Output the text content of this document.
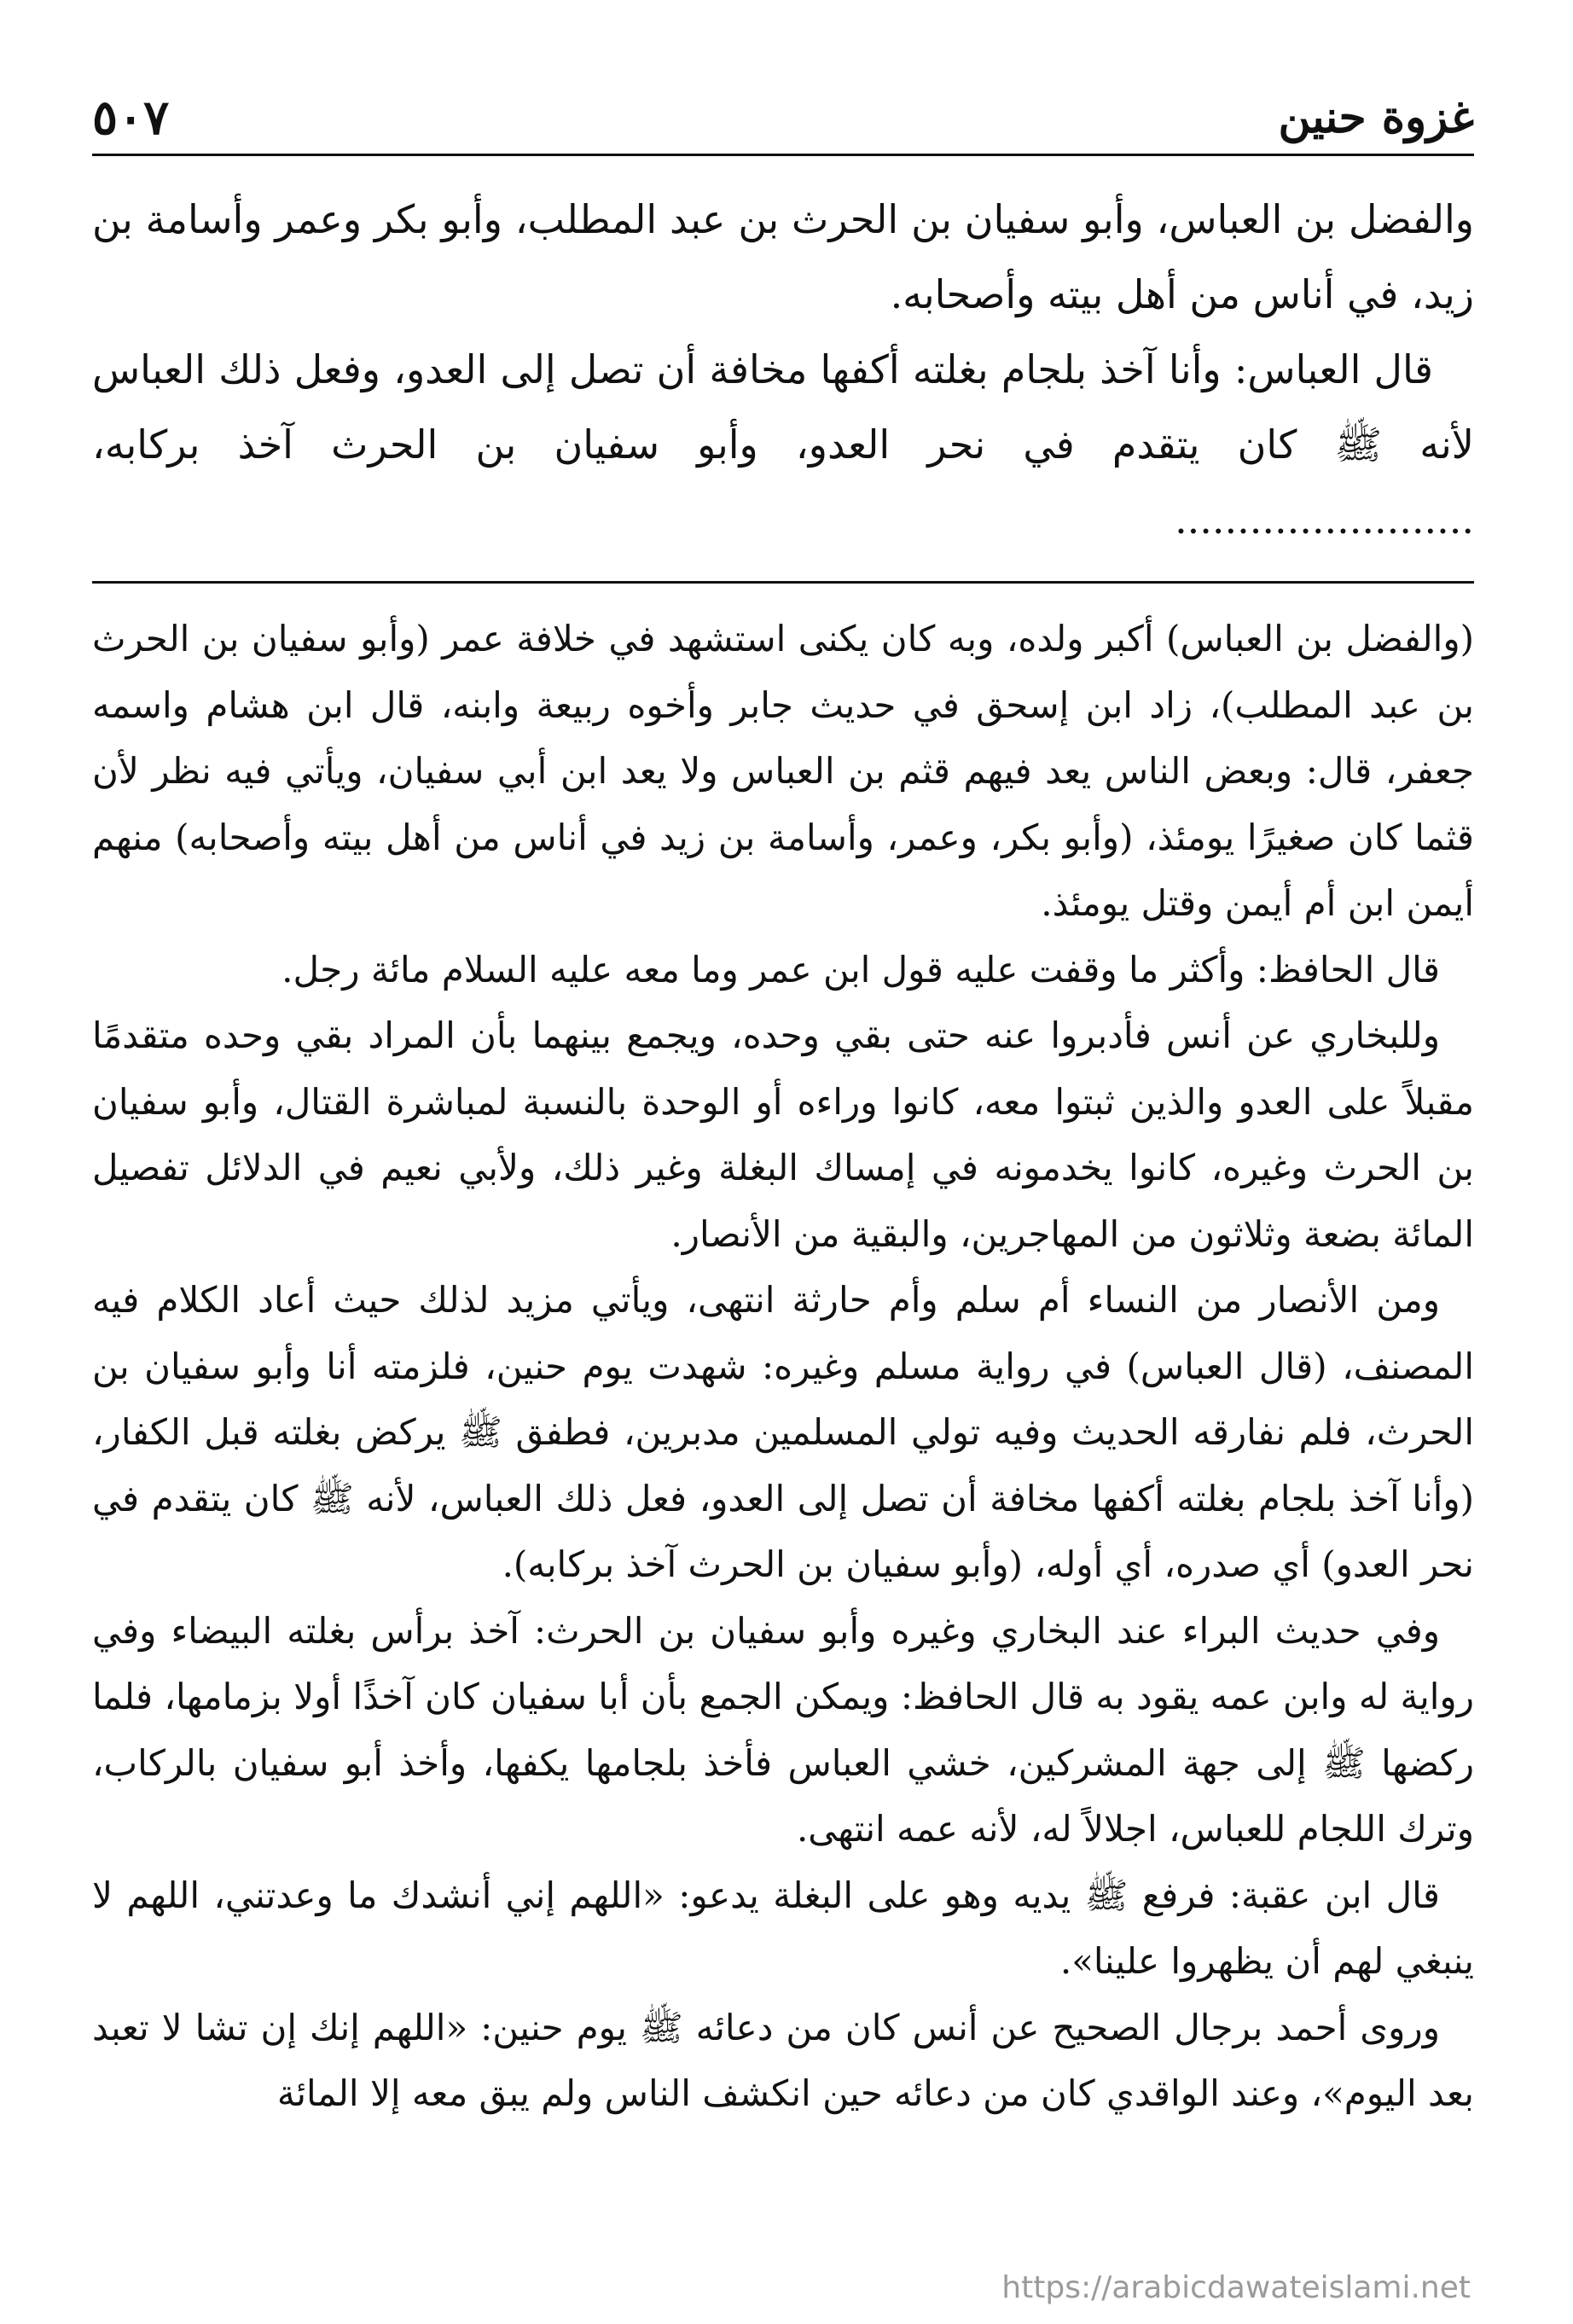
غزوة حنين
٥٠٧

والفضل بن العباس، وأبو سفيان بن الحرث بن عبد المطلب، وأبو بكر وعمر وأسامة بن زيد، في أناس من أهل بيته وأصحابه.

قال العباس: وأنا آخذ بلجام بغلته أكفها مخافة أن تصل إلى العدو، وفعل ذلك العباس لأنه ﷺ كان يتقدم في نحر العدو، وأبو سفيان بن الحرث آخذ بركابه، ........................

(والفضل بن العباس) أكبر ولده، وبه كان يكنى استشهد في خلافة عمر (وأبو سفيان بن الحرث بن عبد المطلب)، زاد ابن إسحق في حديث جابر وأخوه ربيعة وابنه، قال ابن هشام واسمه جعفر، قال: وبعض الناس يعد فيهم قثم بن العباس ولا يعد ابن أبي سفيان، ويأتي فيه نظر لأن قثما كان صغيرًا يومئذ، (وأبو بكر، وعمر، وأسامة بن زيد في أناس من أهل بيته وأصحابه) منهم أيمن ابن أم أيمن وقتل يومئذ.

قال الحافظ: وأكثر ما وقفت عليه قول ابن عمر وما معه عليه السلام مائة رجل.

وللبخاري عن أنس فأدبروا عنه حتى بقي وحده، ويجمع بينهما بأن المراد بقي وحده متقدمًا مقبلاً على العدو والذين ثبتوا معه، كانوا وراءه أو الوحدة بالنسبة لمباشرة القتال، وأبو سفيان بن الحرث وغيره، كانوا يخدمونه في إمساك البغلة وغير ذلك، ولأبي نعيم في الدلائل تفصيل المائة بضعة وثلاثون من المهاجرين، والبقية من الأنصار.

ومن الأنصار من النساء أم سلم وأم حارثة انتهى، ويأتي مزيد لذلك حيث أعاد الكلام فيه المصنف، (قال العباس) في رواية مسلم وغيره: شهدت يوم حنين، فلزمته أنا وأبو سفيان بن الحرث، فلم نفارقه الحديث وفيه تولي المسلمين مدبرين، فطفق ﷺ يركض بغلته قبل الكفار، (وأنا آخذ بلجام بغلته أكفها مخافة أن تصل إلى العدو، فعل ذلك العباس، لأنه ﷺ كان يتقدم في نحر العدو) أي صدره، أي أوله، (وأبو سفيان بن الحرث آخذ بركابه).

وفي حديث البراء عند البخاري وغيره وأبو سفيان بن الحرث: آخذ برأس بغلته البيضاء وفي رواية له وابن عمه يقود به قال الحافظ: ويمكن الجمع بأن أبا سفيان كان آخذًا أولا بزمامها، فلما ركضها ﷺ إلى جهة المشركين، خشي العباس فأخذ بلجامها يكفها، وأخذ أبو سفيان بالركاب، وترك اللجام للعباس، اجلالاً له، لأنه عمه انتهى.

قال ابن عقبة: فرفع ﷺ يديه وهو على البغلة يدعو: «اللهم إني أنشدك ما وعدتني، اللهم لا ينبغي لهم أن يظهروا علينا».

وروى أحمد برجال الصحيح عن أنس كان من دعائه ﷺ يوم حنين: «اللهم إنك إن تشا لا تعبد بعد اليوم»، وعند الواقدي كان من دعائه حين انكشف الناس ولم يبق معه إلا المائة

https://arabicdawateislami.net
